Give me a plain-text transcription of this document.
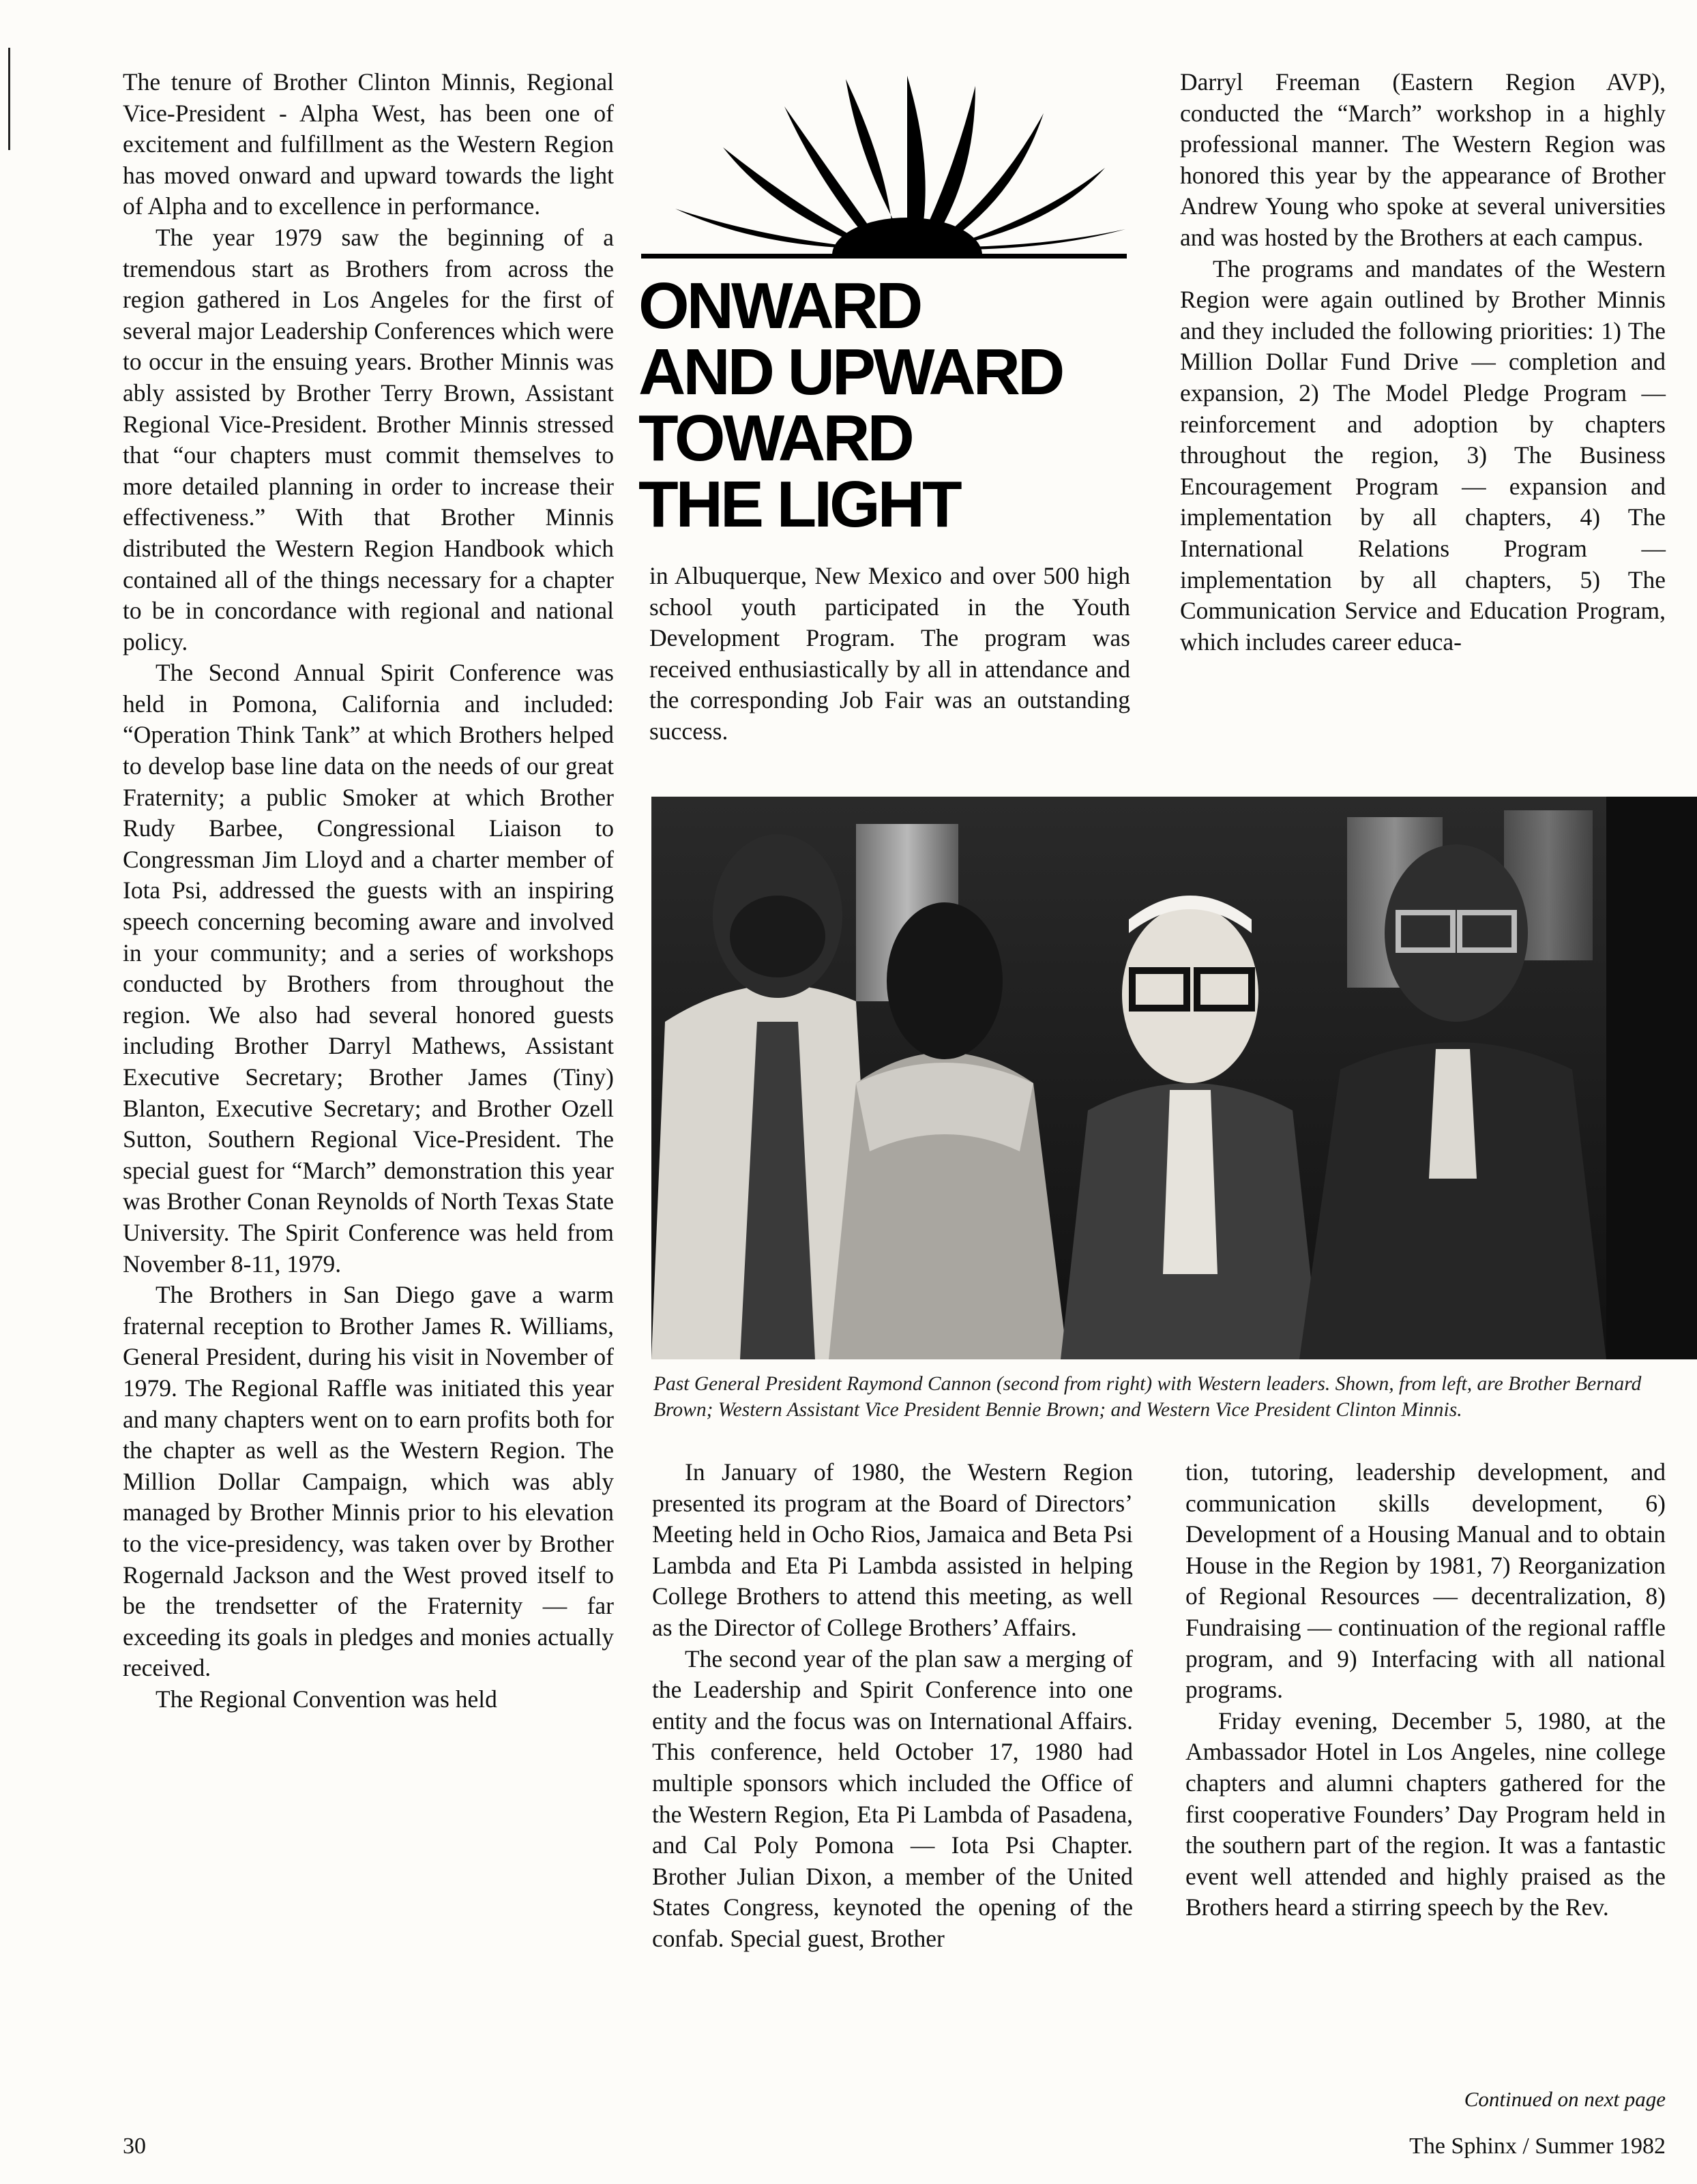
The tenure of Brother Clinton Minnis, Regional Vice-President - Alpha West, has been one of excitement and fulfillment as the Western Region has moved onward and upward towards the light of Alpha and to excellence in performance.

The year 1979 saw the beginning of a tremendous start as Brothers from across the region gathered in Los Angeles for the first of several major Leadership Conferences which were to occur in the ensuing years. Brother Minnis was ably assisted by Brother Terry Brown, Assistant Regional Vice-President. Brother Minnis stressed that “our chapters must commit themselves to more detailed planning in order to increase their effectiveness.” With that Brother Minnis distributed the Western Region Handbook which contained all of the things necessary for a chapter to be in concordance with regional and national policy.

The Second Annual Spirit Conference was held in Pomona, California and included: “Operation Think Tank” at which Brothers helped to develop base line data on the needs of our great Fraternity; a public Smoker at which Brother Rudy Barbee, Congressional Liaison to Congressman Jim Lloyd and a charter member of Iota Psi, addressed the guests with an inspiring speech concerning becoming aware and involved in your community; and a series of workshops conducted by Brothers from throughout the region. We also had several honored guests including Brother Darryl Mathews, Assistant Executive Secretary; Brother James (Tiny) Blanton, Executive Secretary; and Brother Ozell Sutton, Southern Regional Vice-President. The special guest for “March” demonstration this year was Brother Conan Reynolds of North Texas State University. The Spirit Conference was held from November 8-11, 1979.

The Brothers in San Diego gave a warm fraternal reception to Brother James R. Williams, General President, during his visit in November of 1979. The Regional Raffle was initiated this year and many chapters went on to earn profits both for the chapter as well as the Western Region. The Million Dollar Campaign, which was ably managed by Brother Minnis prior to his elevation to the vice-presidency, was taken over by Brother Rogernald Jackson and the West proved itself to be the trendsetter of the Fraternity — far exceeding its goals in pledges and monies actually received.

The Regional Convention was held

ONWARD
AND UPWARD
TOWARD
THE LIGHT

in Albuquerque, New Mexico and over 500 high school youth participated in the Youth Development Program. The program was received enthusiastically by all in attendance and the corresponding Job Fair was an outstanding success.

Darryl Freeman (Eastern Region AVP), conducted the “March” workshop in a highly professional manner. The Western Region was honored this year by the appearance of Brother Andrew Young who spoke at several universities and was hosted by the Brothers at each campus.

The programs and mandates of the Western Region were again outlined by Brother Minnis and they included the following priorities: 1) The Million Dollar Fund Drive — completion and expansion, 2) The Model Pledge Program — reinforcement and adoption by chapters throughout the region, 3) The Business Encouragement Program — expansion and implementation by all chapters, 4) The International Relations Program — implementation by all chapters, 5) The Communication Service and Education Program, which includes career educa-

Past General President Raymond Cannon (second from right) with Western leaders. Shown, from left, are Brother Bernard Brown; Western Assistant Vice President Bennie Brown; and Western Vice President Clinton Minnis.

In January of 1980, the Western Region presented its program at the Board of Directors’ Meeting held in Ocho Rios, Jamaica and Beta Psi Lambda and Eta Pi Lambda assisted in helping College Brothers to attend this meeting, as well as the Director of College Brothers’ Affairs.

The second year of the plan saw a merging of the Leadership and Spirit Conference into one entity and the focus was on International Affairs. This conference, held October 17, 1980 had multiple sponsors which included the Office of the Western Region, Eta Pi Lambda of Pasadena, and Cal Poly Pomona — Iota Psi Chapter. Brother Julian Dixon, a member of the United States Congress, keynoted the opening of the confab. Special guest, Brother

tion, tutoring, leadership development, and communication skills development, 6) Development of a Housing Manual and to obtain House in the Region by 1981, 7) Reorganization of Regional Resources — decentralization, 8) Fundraising — continuation of the regional raffle program, and 9) Interfacing with all national programs.

Friday evening, December 5, 1980, at the Ambassador Hotel in Los Angeles, nine college chapters and alumni chapters gathered for the first cooperative Founders’ Day Program held in the southern part of the region. It was a fantastic event well attended and highly praised as the Brothers heard a stirring speech by the Rev.

Continued on next page
30	The Sphinx / Summer 1982
